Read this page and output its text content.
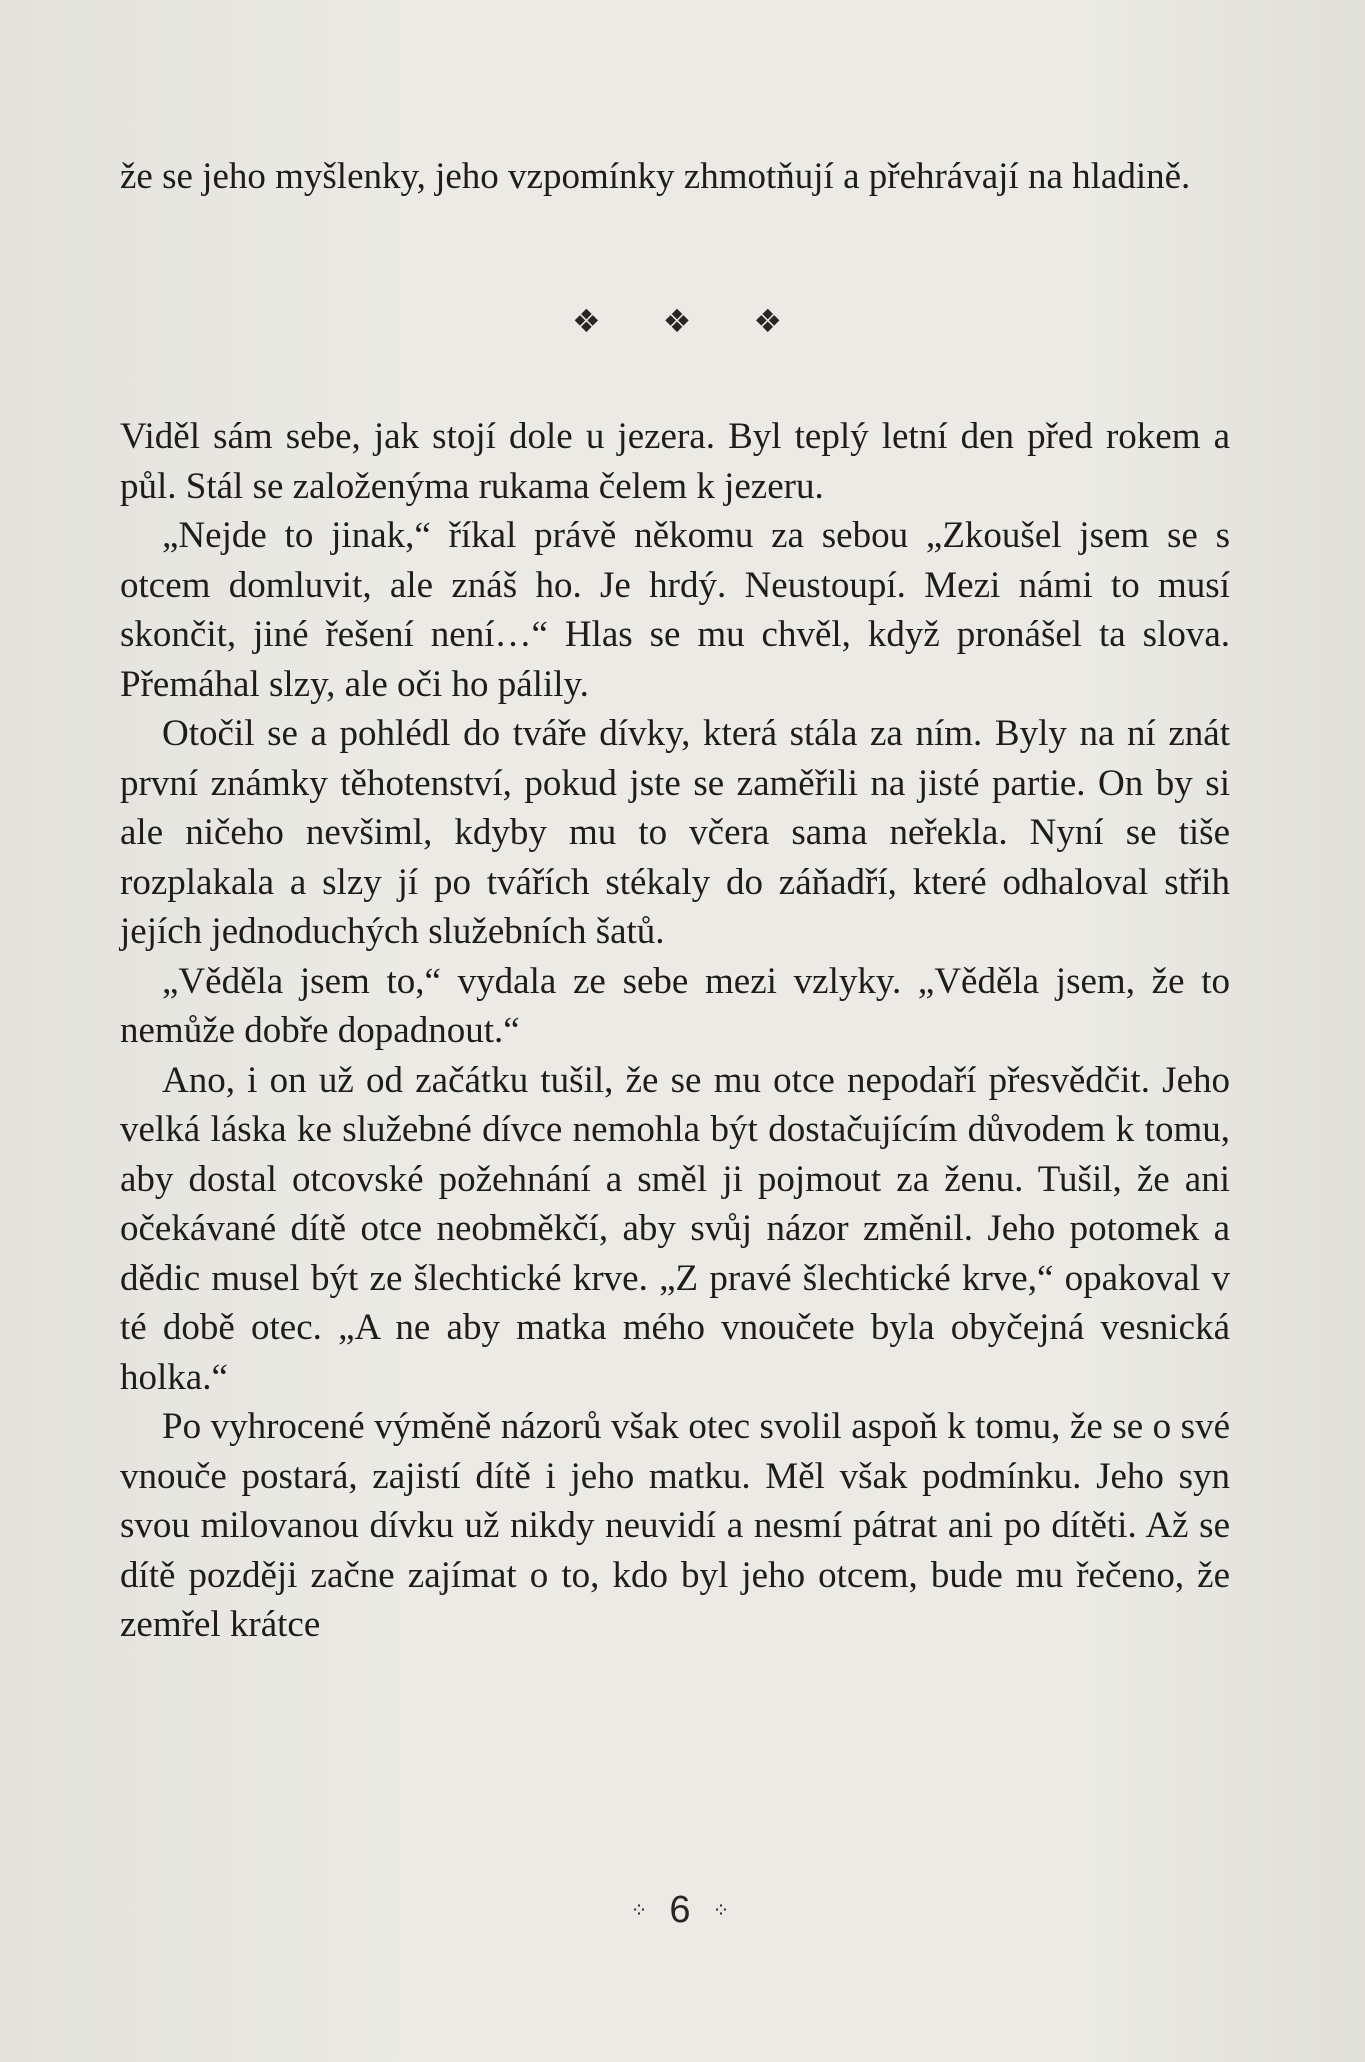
že se jeho myšlenky, jeho vzpomínky zhmotňují a přehrávají na hladině.

❖ ❖ ❖

Viděl sám sebe, jak stojí dole u jezera. Byl teplý letní den před rokem a půl. Stál se založenýma rukama čelem k jezeru.

„Nejde to jinak,“ říkal právě někomu za sebou „Zkoušel jsem se s otcem domluvit, ale znáš ho. Je hrdý. Neustoupí. Mezi námi to musí skončit, jiné řešení není…“ Hlas se mu chvěl, když pronášel ta slova. Přemáhal slzy, ale oči ho pálily.

Otočil se a pohlédl do tváře dívky, která stála za ním. Byly na ní znát první známky těhotenství, pokud jste se zaměřili na jisté partie. On by si ale ničeho nevšiml, kdyby mu to včera sama neřekla. Nyní se tiše rozplakala a slzy jí po tvářích stékaly do záňadří, které odhaloval střih jejích jednoduchých služebních šatů.

„Věděla jsem to,“ vydala ze sebe mezi vzlyky. „Věděla jsem, že to nemůže dobře dopadnout.“

Ano, i on už od začátku tušil, že se mu otce nepodaří přesvědčit. Jeho velká láska ke služebné dívce nemohla být dostačujícím důvodem k tomu, aby dostal otcovské požehnání a směl ji pojmout za ženu. Tušil, že ani očekávané dítě otce neobměkčí, aby svůj názor změnil. Jeho potomek a dědic musel být ze šlechtické krve. „Z pravé šlechtické krve,“ opakoval v té době otec. „A ne aby matka mého vnoučete byla obyčejná vesnická holka.“

Po vyhrocené výměně názorů však otec svolil aspoň k tomu, že se o své vnouče postará, zajistí dítě i jeho matku. Měl však podmínku. Jeho syn svou milovanou dívku už nikdy neuvidí a nesmí pátrat ani po dítěti. Až se dítě později začne zajímat o to, kdo byl jeho otcem, bude mu řečeno, že zemřel krátce

⁘ 6 ⁘
